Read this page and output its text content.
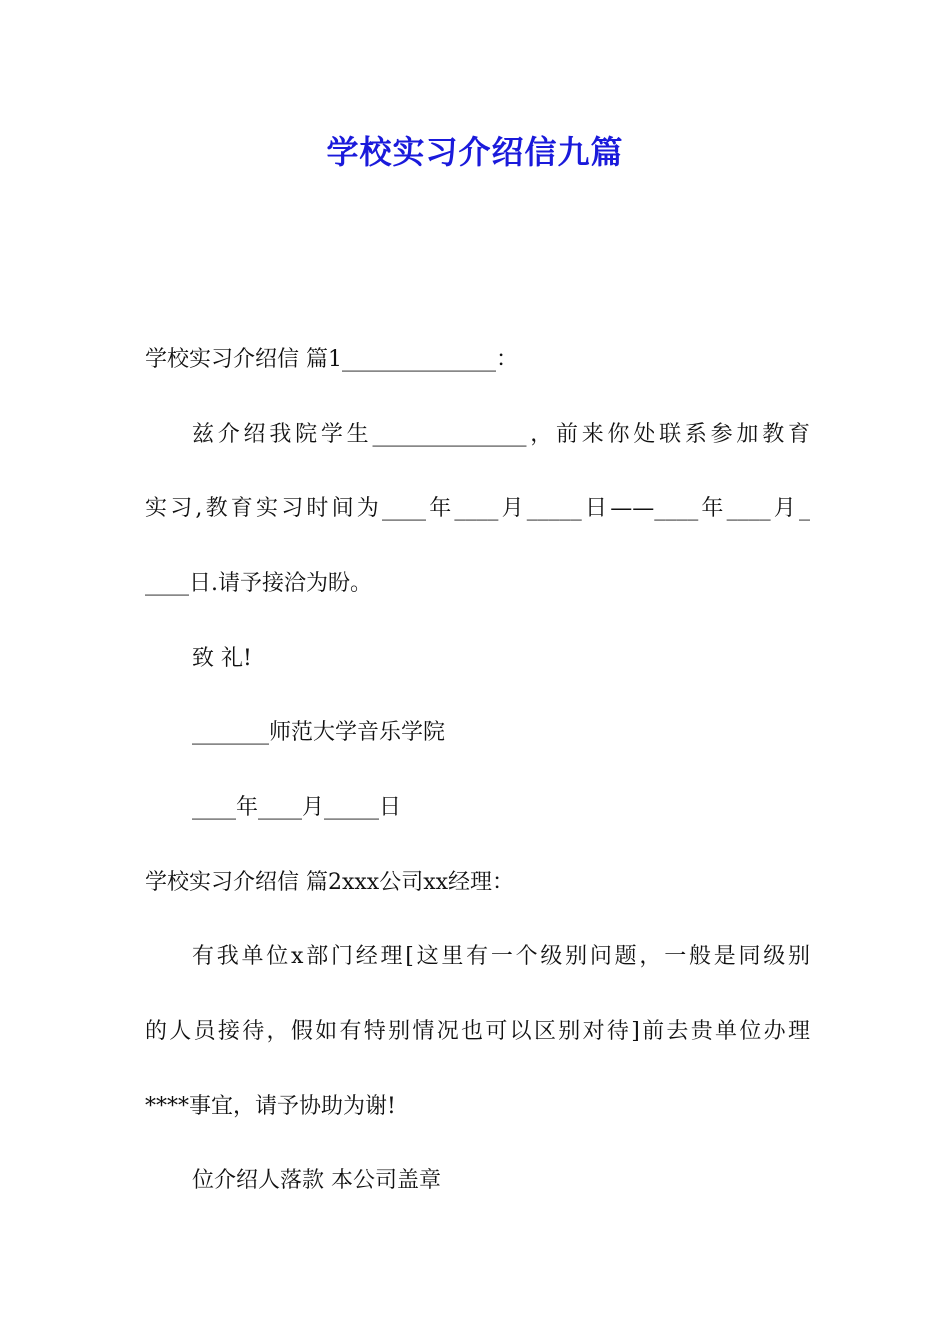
学校实习介绍信九篇
学校实习介绍信 篇1______________：
兹介绍我院学生______________，前来你处联系参加教育
实习,教育实习时间为____年____月_____日——____年____月_
____日.请予接洽为盼。
致 礼!
_______师范大学音乐学院
____年____月_____日
学校实习介绍信 篇2xxx公司xx经理：
有我单位x部门经理[这里有一个级别问题，一般是同级别
的人员接待，假如有特别情况也可以区别对待]前去贵单位办理
****事宜，请予协助为谢!
位介绍人落款 本公司盖章
